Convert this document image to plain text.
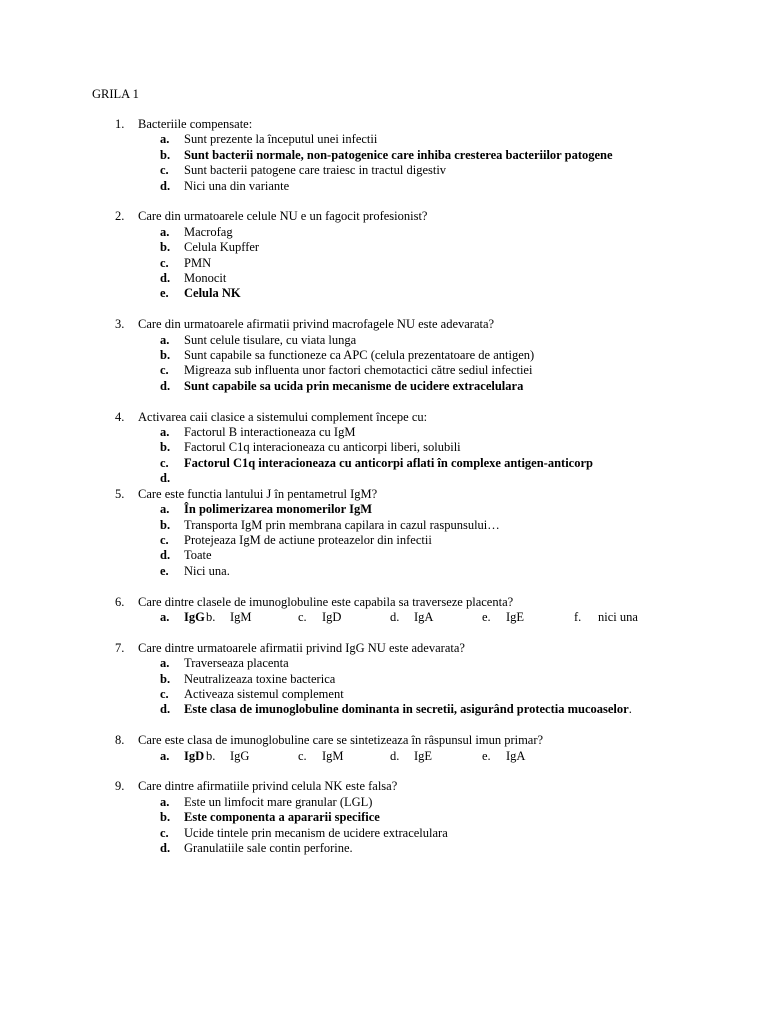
GRILA 1
1. Bacteriile compensate:
a. Sunt prezente la începutul unei infectii
b. Sunt bacterii normale, non-patogenice care inhiba cresterea bacteriilor patogene
c. Sunt bacterii patogene care traiesc in tractul digestiv
d. Nici una din variante
2. Care din urmatoarele celule NU e un fagocit profesionist?
a. Macrofag
b. Celula Kupffer
c. PMN
d. Monocit
e. Celula NK
3. Care din urmatoarele afirmatii privind macrofagele NU este adevarata?
a. Sunt celule tisulare, cu viata lunga
b. Sunt capabile sa functioneze ca APC (celula prezentatoare de antigen)
c. Migreaza sub influenta unor factori chemotactici către sediul infectiei
d. Sunt capabile sa ucida prin mecanisme de ucidere extracelulara
4. Activarea caii clasice a sistemului complement începe cu:
a. Factorul B interactioneaza cu IgM
b. Factorul C1q interacioneaza cu anticorpi liberi, solubili
c. Factorul C1q interacioneaza cu anticorpi aflati în complexe antigen-anticorp
d.
5. Care este functia lantului J în pentametrul IgM?
a. În polimerizarea monomerilor IgM
b. Transporta IgM prin membrana capilara in cazul raspunsului…
c. Protejeaza IgM de actiune proteazelor din infectii
d. Toate
e. Nici una.
6. Care dintre clasele de imunoglobuline este capabila sa traverseze placenta?
a. IgG b. IgM	c. IgD	d. IgA	e. IgE	f. nici una
7. Care dintre urmatoarele afirmatii privind IgG NU este adevarata?
a. Traverseaza placenta
b. Neutralizeaza toxine bacterica
c. Activeaza sistemul complement
d. Este clasa de imunoglobuline dominanta in secretii, asigurând protectia mucoaselor.
8. Care este clasa de imunoglobuline care se sintetizeaza în râspunsul imun primar?
a. IgD b. IgG	c. IgM	d. IgE	e. IgA
9. Care dintre afirmatiile privind celula NK este falsa?
a. Este un limfocit mare granular (LGL)
b. Este componenta a apararii specifice
c. Ucide tintele prin mecanism de ucidere extracelulara
d. Granulatiile sale contin perforine.
